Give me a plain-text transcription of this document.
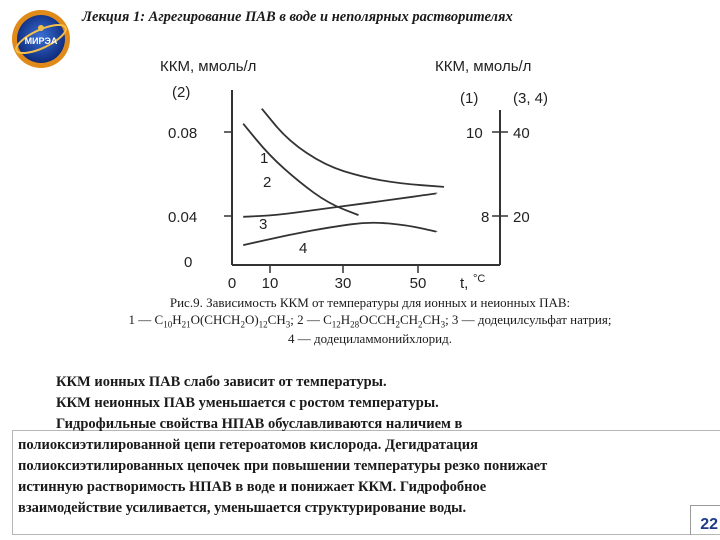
МИРЭА
Лекция 1: Агрегирование ПАВ в воде и неполярных растворителях
ККМ, ммоль/л
(2)
ККМ, ммоль/л
(1) (3, 4)
0.08
0.04
0
10 40
8 20
0 10	30	50 t, °С
1
2
3
4
Рис.9. Зависимость ККМ от температуры для ионных и неионных ПАВ:
1 — $С_{10}Н_{21}О(СНСН_2О)_{12}СН_3$; 2 — $С_{12}Н_{28}ОССН_2СН_2СН_3$; 3 — додецилсульфат натрия;
4 — додециламмонийхлорид.
ККМ ионных ПАВ слабо зависит от температуры.
ККМ неионных ПАВ уменьшается с ростом температуры.
Гидрофильные свойства НПАВ обуславливаются наличием в
полиоксиэтилированной цепи гетероатомов кислорода. Дегидратация
полиоксиэтилированных цепочек при повышении температуры резко понижает
истинную растворимость НПАВ в воде и понижает ККМ. Гидрофобное
взаимодействие усиливается, уменьшается структурирование воды.
22
